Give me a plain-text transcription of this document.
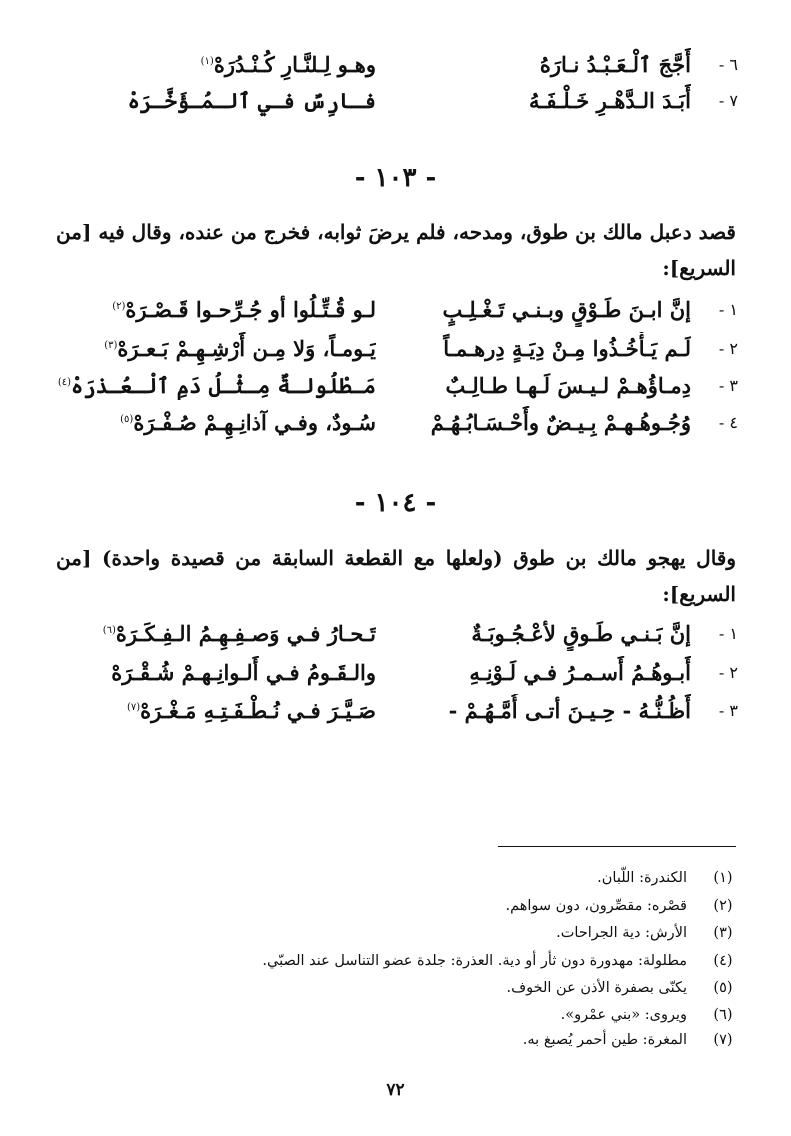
٦ -
أَجَّجَ ٱلْـعَـبْـدُ نـارَهُ
وهـو لِـلنَّـارِ كُـنْـدُرَهْ$^{(١)}$
٧ -
أَبَـدَ الـدَّهْـرِ خَـلْـفَـهُ
فـارِسٌ فـي ٱلـمُـؤَخَّـرَهْ
- ١٠٣ -
قصد دعبل مالك بن طوق، ومدحه، فلم يرضَ ثوابه، فخرج من عنده، وقال فيه [من السريع]:
١ -
إنَّ ابـنَ طَـوْقٍ وبـنـي تَـغْـلِـبٍ
لـو قُـتِّـلُوا أو جُـرِّحـوا قَـصْـرَهْ$^{(٢)}$
٢ -
لَـم يَـأْخُـذُوا مِـنْ دِيَـةٍ دِرهـمـاً
يَـومـاً، وَلا مِـن أَرْشِـهِـمْ بَـعـرَهْ$^{(٣)}$
٣ -
دِمـاؤُهـمْ لـيـسَ لَـهـا طـالِـبٌ
مَـطْلُولـةٌ مِـثْـلُ دَمِ ٱلْـعُـذرَهْ$^{(٤)}$
٤ -
وُجُـوهُـهـمْ بِـيـضٌ وأَحْـسَـابُـهُـمْ
سُـودٌ، وفـي آذانِـهِـمْ صُـفْـرَهْ$^{(٥)}$
- ١٠٤ -
وقال يهجو مالك بن طوق (ولعلها مع القطعة السابقة من قصيدة واحدة) [من السريع]:
١ -
إنَّ بَـنـي طَـوقٍ لأعْـجُـوبَـةٌ
تَـحـارُ فـي وَصـفِـهِـمُ الـفِـكَـرَهْ$^{(٦)}$
٢ -
أَبـوهُـمُ أَسـمـرُ فـي لَـوْنِـهِ
والـقَـومُ فـي أَلـوانِـهـمْ شُـقْـرَهْ
٣ -
أَظُـنُّـهُ - حِـيـنَ أتـى أُمَّـهُـمْ -
صَـيَّـرَ فـي نُـطْـفَـتِـهِ مَـغْـرَهْ$^{(٧)}$
(١)
الكندرة: اللُّبان.
(٢)
قصْره: مقصِّرون، دون سواهم.
(٣)
الأرش: دية الجراحات.
(٤)
مطلولة: مهدورة دون ثأر أو دية. العذرة: جلدة عضو التناسل عند الصبّي.
(٥)
يكنّى بصفرة الأذن عن الخوف.
(٦)
ويروى: «بني عمْرو».
(٧)
المغرة: طين أحمر يُصبغ به.
٧٢
